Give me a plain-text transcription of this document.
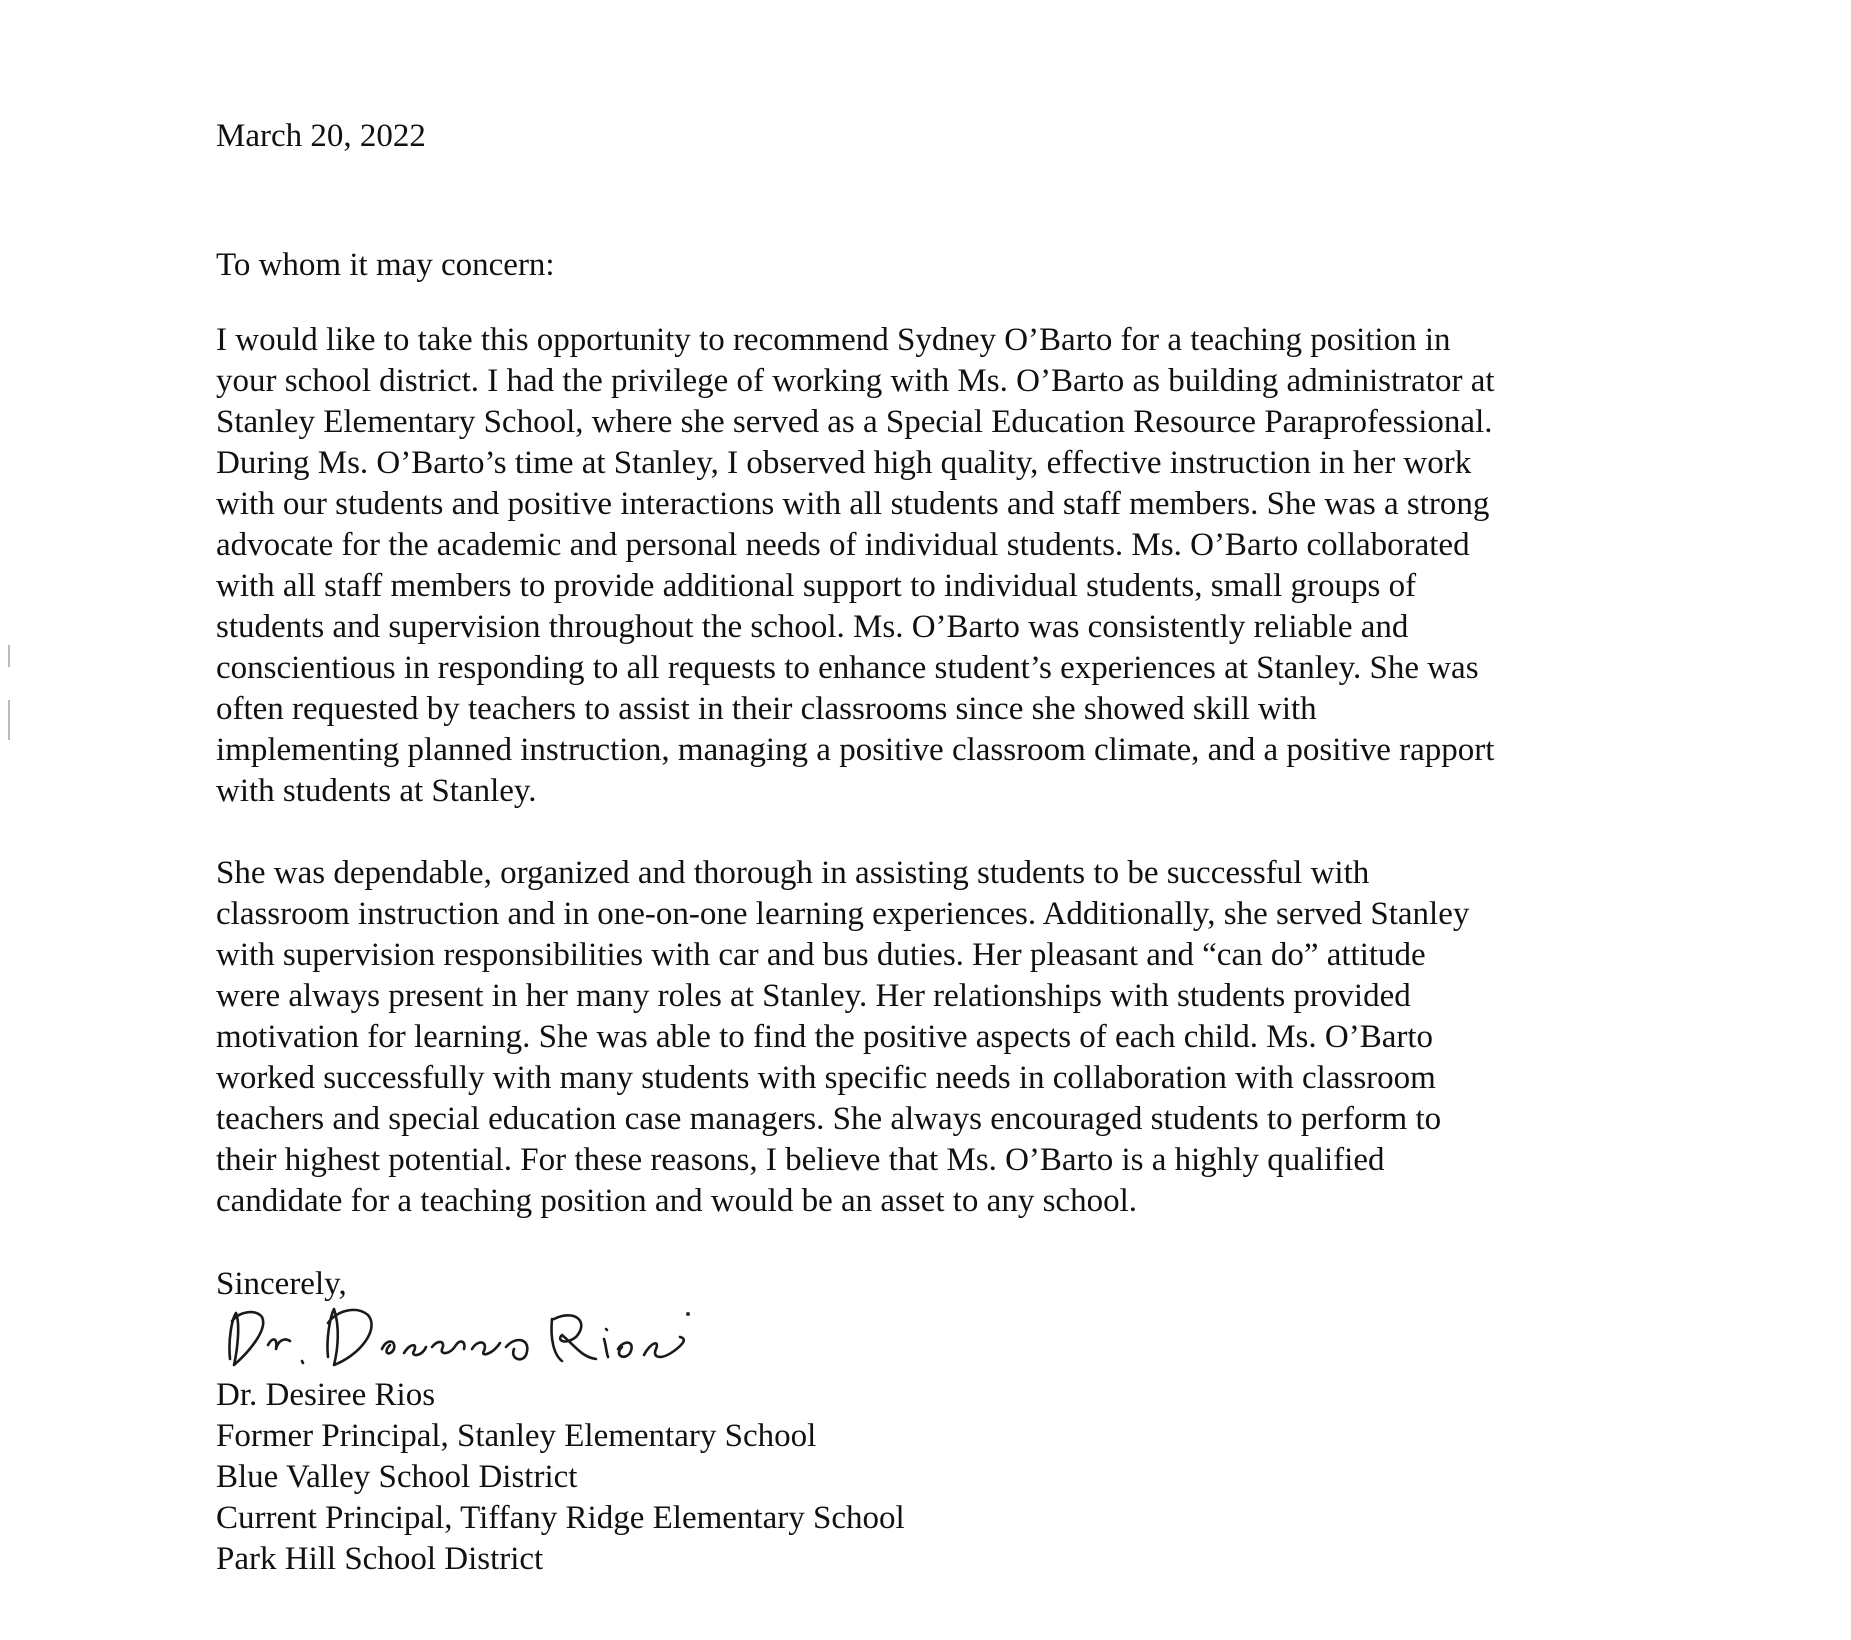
March 20, 2022

To whom it may concern:

I would like to take this opportunity to recommend Sydney O’Barto for a teaching position in
your school district. I had the privilege of working with Ms. O’Barto as building administrator at
Stanley Elementary School, where she served as a Special Education Resource Paraprofessional.
During Ms. O’Barto’s time at Stanley, I observed high quality, effective instruction in her work
with our students and positive interactions with all students and staff members. She was a strong
advocate for the academic and personal needs of individual students. Ms. O’Barto collaborated
with all staff members to provide additional support to individual students, small groups of
students and supervision throughout the school. Ms. O’Barto was consistently reliable and
conscientious in responding to all requests to enhance student’s experiences at Stanley. She was
often requested by teachers to assist in their classrooms since she showed skill with
implementing planned instruction, managing a positive classroom climate, and a positive rapport
with students at Stanley.

She was dependable, organized and thorough in assisting students to be successful with
classroom instruction and in one-on-one learning experiences. Additionally, she served Stanley
with supervision responsibilities with car and bus duties. Her pleasant and “can do” attitude
were always present in her many roles at Stanley. Her relationships with students provided
motivation for learning. She was able to find the positive aspects of each child. Ms. O’Barto
worked successfully with many students with specific needs in collaboration with classroom
teachers and special education case managers. She always encouraged students to perform to
their highest potential. For these reasons, I believe that Ms. O’Barto is a highly qualified
candidate for a teaching position and would be an asset to any school.

Sincerely,

Dr. Desiree Rios
Former Principal, Stanley Elementary School
Blue Valley School District
Current Principal, Tiffany Ridge Elementary School
Park Hill School District
